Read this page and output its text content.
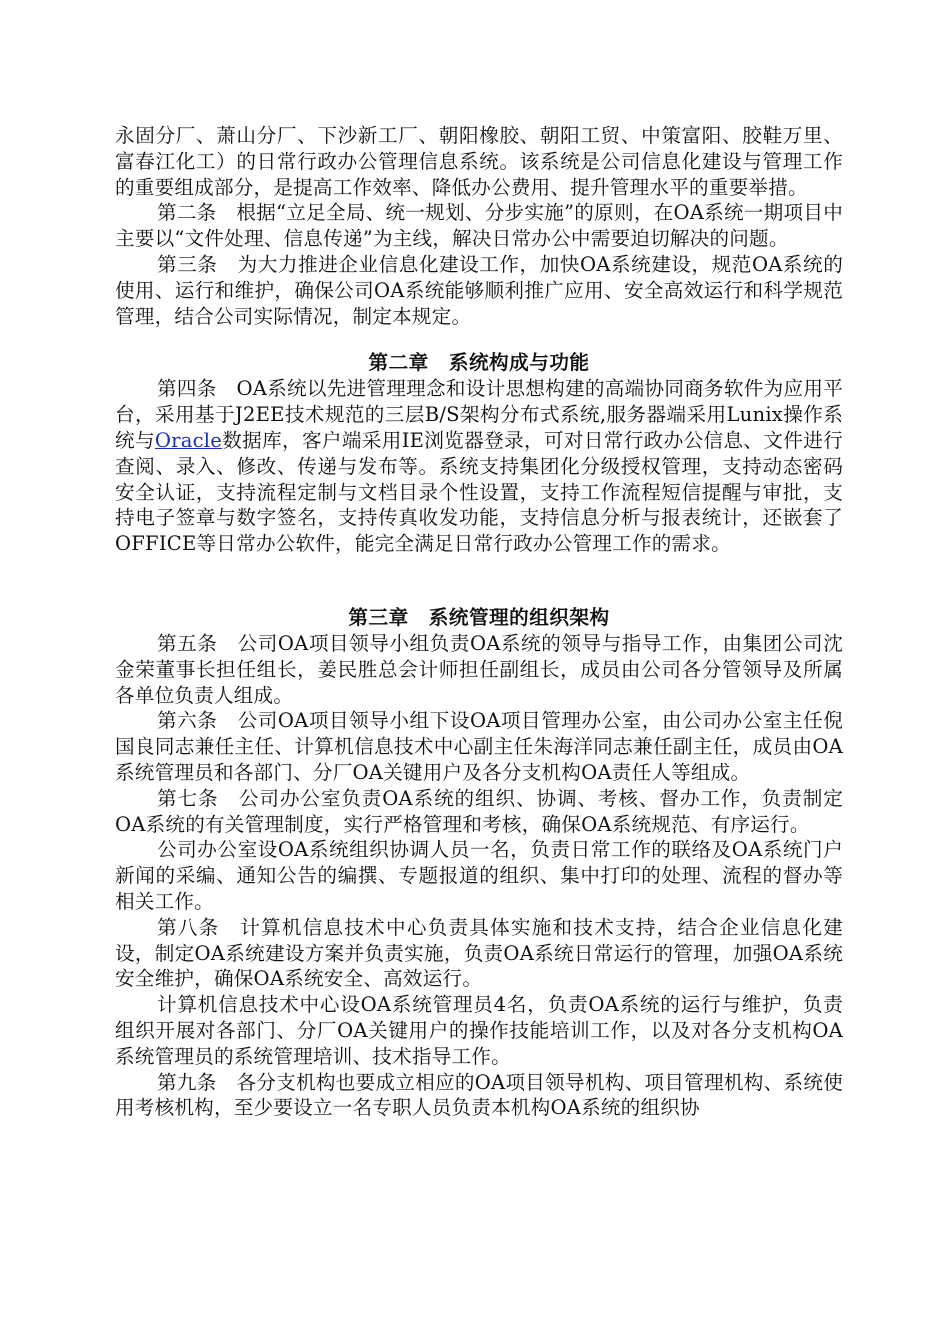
永固分厂、萧山分厂、下沙新工厂、朝阳橡胶、朝阳工贸、中策富阳、胶鞋万里、富春江化工）的日常行政办公管理信息系统。该系统是公司信息化建设与管理工作的重要组成部分，是提高工作效率、降低办公费用、提升管理水平的重要举措。

第二条　根据“立足全局、统一规划、分步实施”的原则，在OA系统一期项目中主要以“文件处理、信息传递”为主线，解决日常办公中需要迫切解决的问题。

第三条　为大力推进企业信息化建设工作，加快OA系统建设，规范OA系统的使用、运行和维护，确保公司OA系统能够顺利推广应用、安全高效运行和科学规范管理，结合公司实际情况，制定本规定。

第二章　系统构成与功能

第四条　OA系统以先进管理理念和设计思想构建的高端协同商务软件为应用平台，采用基于J2EE技术规范的三层B/S架构分布式系统,服务器端采用Lunix操作系统与Oracle数据库，客户端采用IE浏览器登录，可对日常行政办公信息、文件进行查阅、录入、修改、传递与发布等。系统支持集团化分级授权管理，支持动态密码安全认证，支持流程定制与文档目录个性设置，支持工作流程短信提醒与审批，支持电子签章与数字签名，支持传真收发功能，支持信息分析与报表统计，还嵌套了OFFICE等日常办公软件，能完全满足日常行政办公管理工作的需求。

第三章　系统管理的组织架构

第五条　公司OA项目领导小组负责OA系统的领导与指导工作，由集团公司沈金荣董事长担任组长，姜民胜总会计师担任副组长，成员由公司各分管领导及所属各单位负责人组成。

第六条　公司OA项目领导小组下设OA项目管理办公室，由公司办公室主任倪国良同志兼任主任、计算机信息技术中心副主任朱海洋同志兼任副主任，成员由OA系统管理员和各部门、分厂OA关键用户及各分支机构OA责任人等组成。

第七条　公司办公室负责OA系统的组织、协调、考核、督办工作，负责制定OA系统的有关管理制度，实行严格管理和考核，确保OA系统规范、有序运行。

公司办公室设OA系统组织协调人员一名，负责日常工作的联络及OA系统门户新闻的采编、通知公告的编撰、专题报道的组织、集中打印的处理、流程的督办等相关工作。

第八条　计算机信息技术中心负责具体实施和技术支持，结合企业信息化建设，制定OA系统建设方案并负责实施，负责OA系统日常运行的管理，加强OA系统安全维护，确保OA系统安全、高效运行。

计算机信息技术中心设OA系统管理员4名，负责OA系统的运行与维护，负责组织开展对各部门、分厂OA关键用户的操作技能培训工作，以及对各分支机构OA系统管理员的系统管理培训、技术指导工作。

第九条　各分支机构也要成立相应的OA项目领导机构、项目管理机构、系统使用考核机构，至少要设立一名专职人员负责本机构OA系统的组织协
